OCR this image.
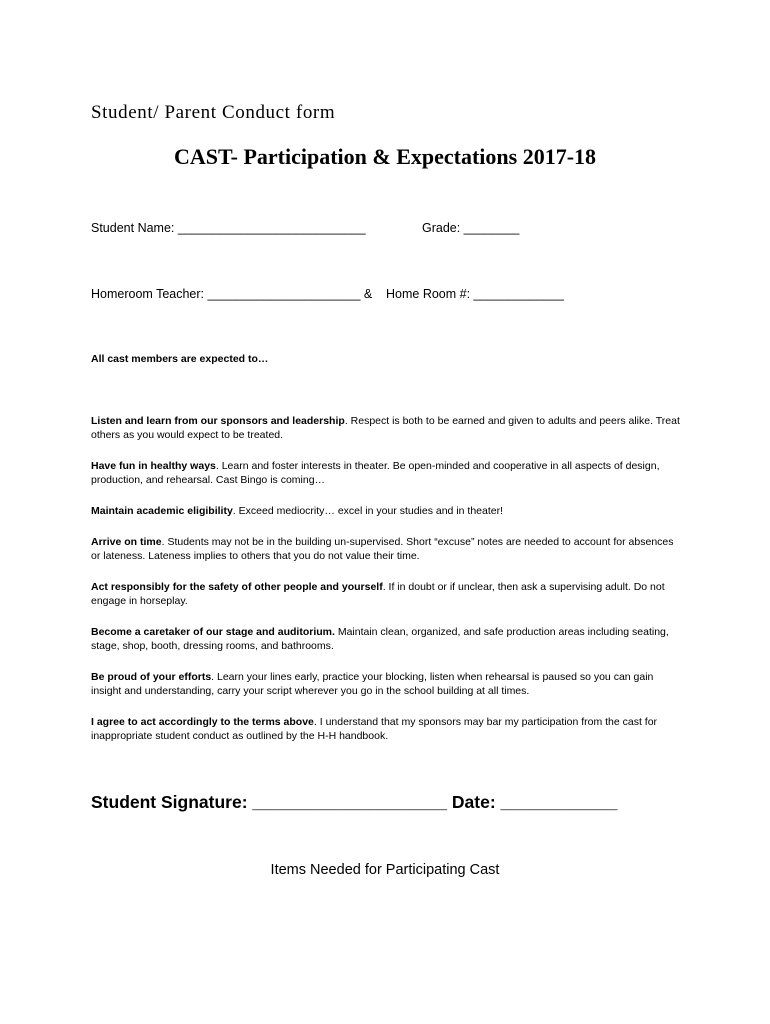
Student/ Parent Conduct form
CAST- Participation & Expectations 2017-18
Student Name: ___________________________	Grade: ________
Homeroom Teacher: ______________________ & Home Room #: _____________
All cast members are expected to…

Listen and learn from our sponsors and leadership. Respect is both to be earned and given to adults and peers alike. Treat others as you would expect to be treated.

Have fun in healthy ways. Learn and foster interests in theater. Be open-minded and cooperative in all aspects of design, production, and rehearsal. Cast Bingo is coming…

Maintain academic eligibility. Exceed mediocrity… excel in your studies and in theater!

Arrive on time. Students may not be in the building un-supervised. Short “excuse” notes are needed to account for absences or lateness. Lateness implies to others that you do not value their time.

Act responsibly for the safety of other people and yourself. If in doubt or if unclear, then ask a supervising adult. Do not engage in horseplay.

Become a caretaker of our stage and auditorium. Maintain clean, organized, and safe production areas including seating, stage, shop, booth, dressing rooms, and bathrooms.

Be proud of your efforts. Learn your lines early, practice your blocking, listen when rehearsal is paused so you can gain insight and understanding, carry your script wherever you go in the school building at all times.

I agree to act accordingly to the terms above. I understand that my sponsors may bar my participation from the cast for inappropriate student conduct as outlined by the H-H handbook.

Student Signature: ____________________ Date: ____________
Items Needed for Participating Cast
